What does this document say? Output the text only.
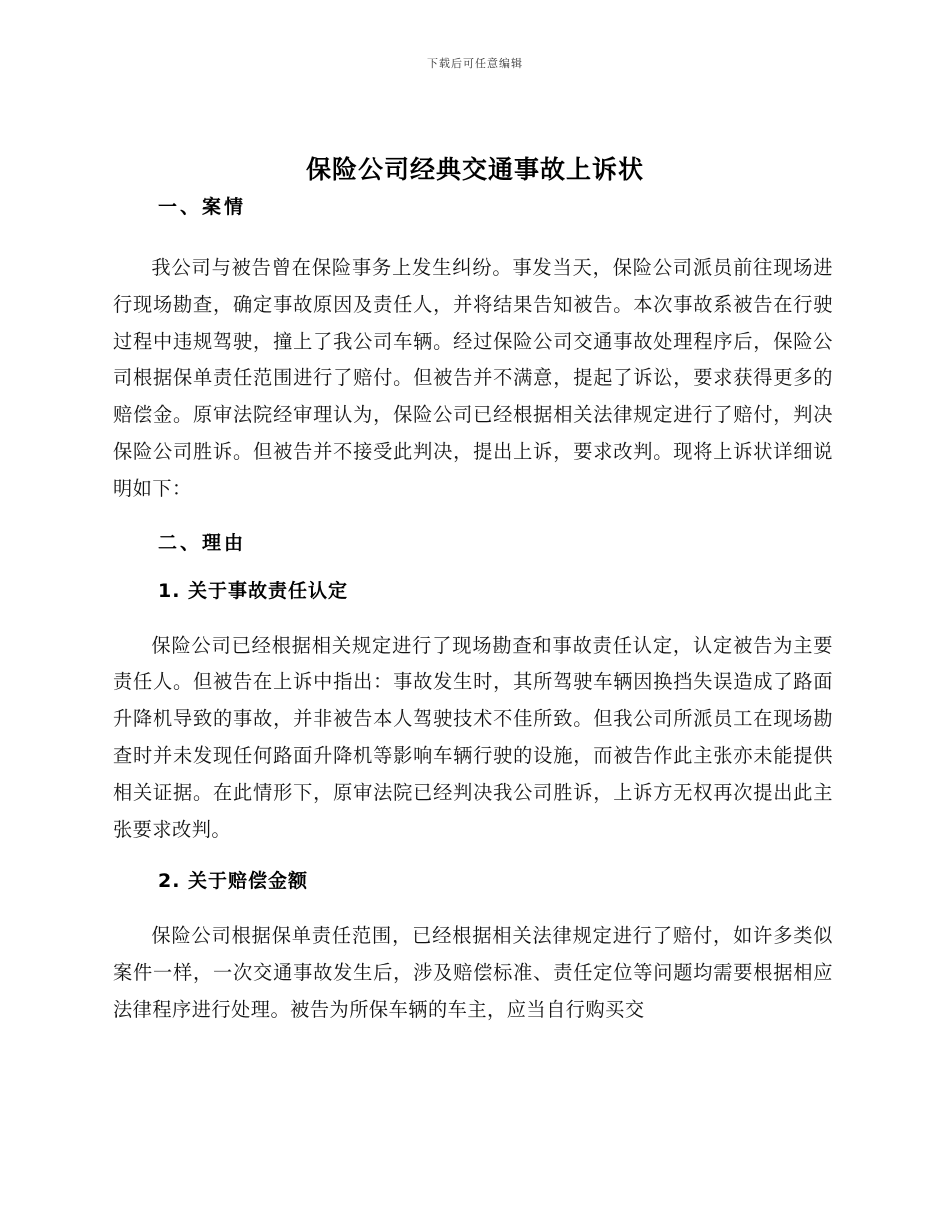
下载后可任意编辑
保险公司经典交通事故上诉状

一、案情

我公司与被告曾在保险事务上发生纠纷。事发当天，保险公司派员前往现场进行现场勘查，确定事故原因及责任人，并将结果告知被告。本次事故系被告在行驶过程中违规驾驶，撞上了我公司车辆。经过保险公司交通事故处理程序后，保险公司根据保单责任范围进行了赔付。但被告并不满意，提起了诉讼，要求获得更多的赔偿金。原审法院经审理认为，保险公司已经根据相关法律规定进行了赔付，判决保险公司胜诉。但被告并不接受此判决，提出上诉，要求改判。现将上诉状详细说明如下：

二、理由

1. 关于事故责任认定

保险公司已经根据相关规定进行了现场勘查和事故责任认定，认定被告为主要责任人。但被告在上诉中指出：事故发生时，其所驾驶车辆因换挡失误造成了路面升降机导致的事故，并非被告本人驾驶技术不佳所致。但我公司所派员工在现场勘查时并未发现任何路面升降机等影响车辆行驶的设施，而被告作此主张亦未能提供相关证据。在此情形下，原审法院已经判决我公司胜诉，上诉方无权再次提出此主张要求改判。

2. 关于赔偿金额

保险公司根据保单责任范围，已经根据相关法律规定进行了赔付，如许多类似案件一样，一次交通事故发生后，涉及赔偿标准、责任定位等问题均需要根据相应法律程序进行处理。被告为所保车辆的车主，应当自行购买交
